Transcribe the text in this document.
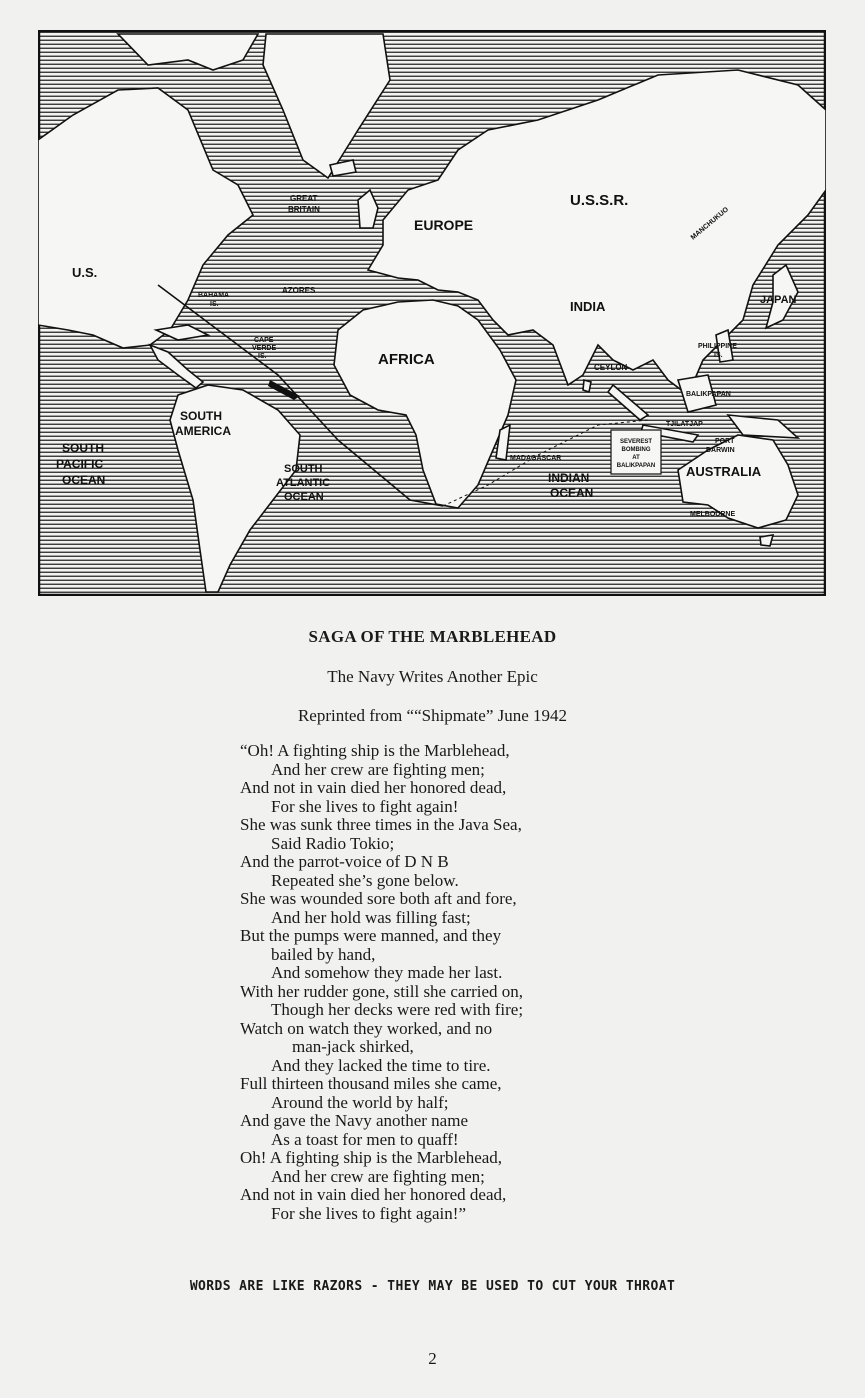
U.S.
GREAT
BRITAIN
EUROPE
U.S.S.R.
MANCHUKUO
JAPAN
INDIA
BAHAMA
IS.
AZORES
CAPE
VERDE
IS.	AFRICA
PHILIPPINE
IS.
CEYLON
BALIKPAPAN
TJILATJAP
PORT
DARWIN
SEVEREST
BOMBING
AT
BALIKPAPAN
SOUTH
AMERICA
SOUTH
PACIFIC
OCEAN
SOUTH
ATLANTIC
OCEAN
MADAGASCAR
INDIAN
OCEAN
AUSTRALIA
MELBOURNE
SAGA OF THE MARBLEHEAD
The Navy Writes Another Epic
Reprinted from ““Shipmate” June 1942
“Oh! A fighting ship is the Marblehead,
And her crew are fighting men;
And not in vain died her honored dead,
For she lives to fight again!
She was sunk three times in the Java Sea,
Said Radio Tokio;
And the parrot-voice of D N B
Repeated she’s gone below.
She was wounded sore both aft and fore,
And her hold was filling fast;
But the pumps were manned, and they
bailed by hand,
And somehow they made her last.
With her rudder gone, still she carried on,
Though her decks were red with fire;
Watch on watch they worked, and no
man-jack shirked,
And they lacked the time to tire.
Full thirteen thousand miles she came,
Around the world by half;
And gave the Navy another name
As a toast for men to quaff!
Oh! A fighting ship is the Marblehead,
And her crew are fighting men;
And not in vain died her honored dead,
For she lives to fight again!”
WORDS ARE LIKE RAZORS - THEY MAY BE USED TO CUT YOUR THROAT
2
